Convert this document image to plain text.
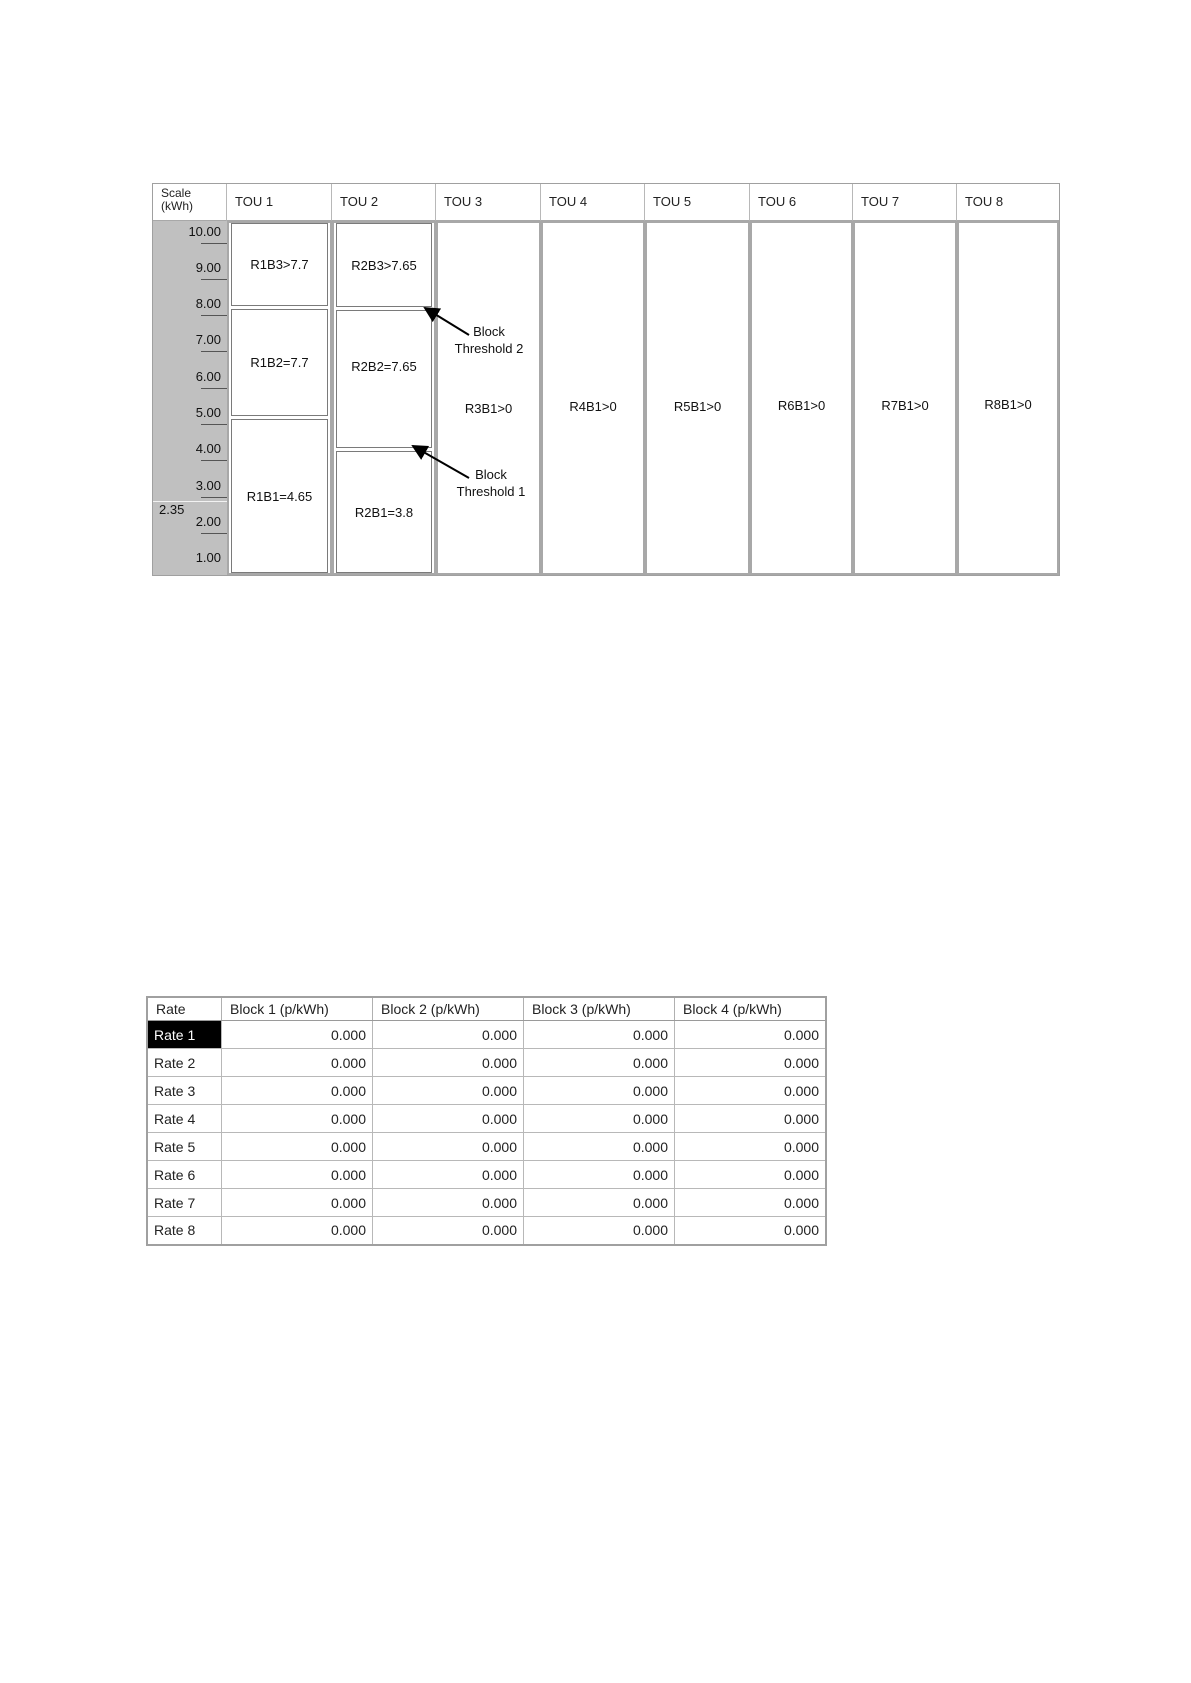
Scale
(kWh)	TOU 1	TOU 2	TOU 3	TOU 4	TOU 5	TOU 6	TOU 7	TOU 8
10.00
9.00
8.00
7.00
6.00
5.00
4.00
3.00
2.35
2.00
1.00
R1B3>7.7
R1B2=7.7
R1B1=4.65
R2B3>7.65
R2B2=7.65
R2B1=3.8
R3B1>0	R4B1>0	R5B1>0	R6B1>0	R7B1>0	R8B1>0
Block
Threshold 2
Block
Threshold 1
Rate	Block 1 (p/kWh)	Block 2 (p/kWh)	Block 3 (p/kWh)	Block 4 (p/kWh)
Rate 1	0.000	0.000	0.000	0.000
Rate 2	0.000	0.000	0.000	0.000
Rate 3	0.000	0.000	0.000	0.000
Rate 4	0.000	0.000	0.000	0.000
Rate 5	0.000	0.000	0.000	0.000
Rate 6	0.000	0.000	0.000	0.000
Rate 7	0.000	0.000	0.000	0.000
Rate 8	0.000	0.000	0.000	0.000
